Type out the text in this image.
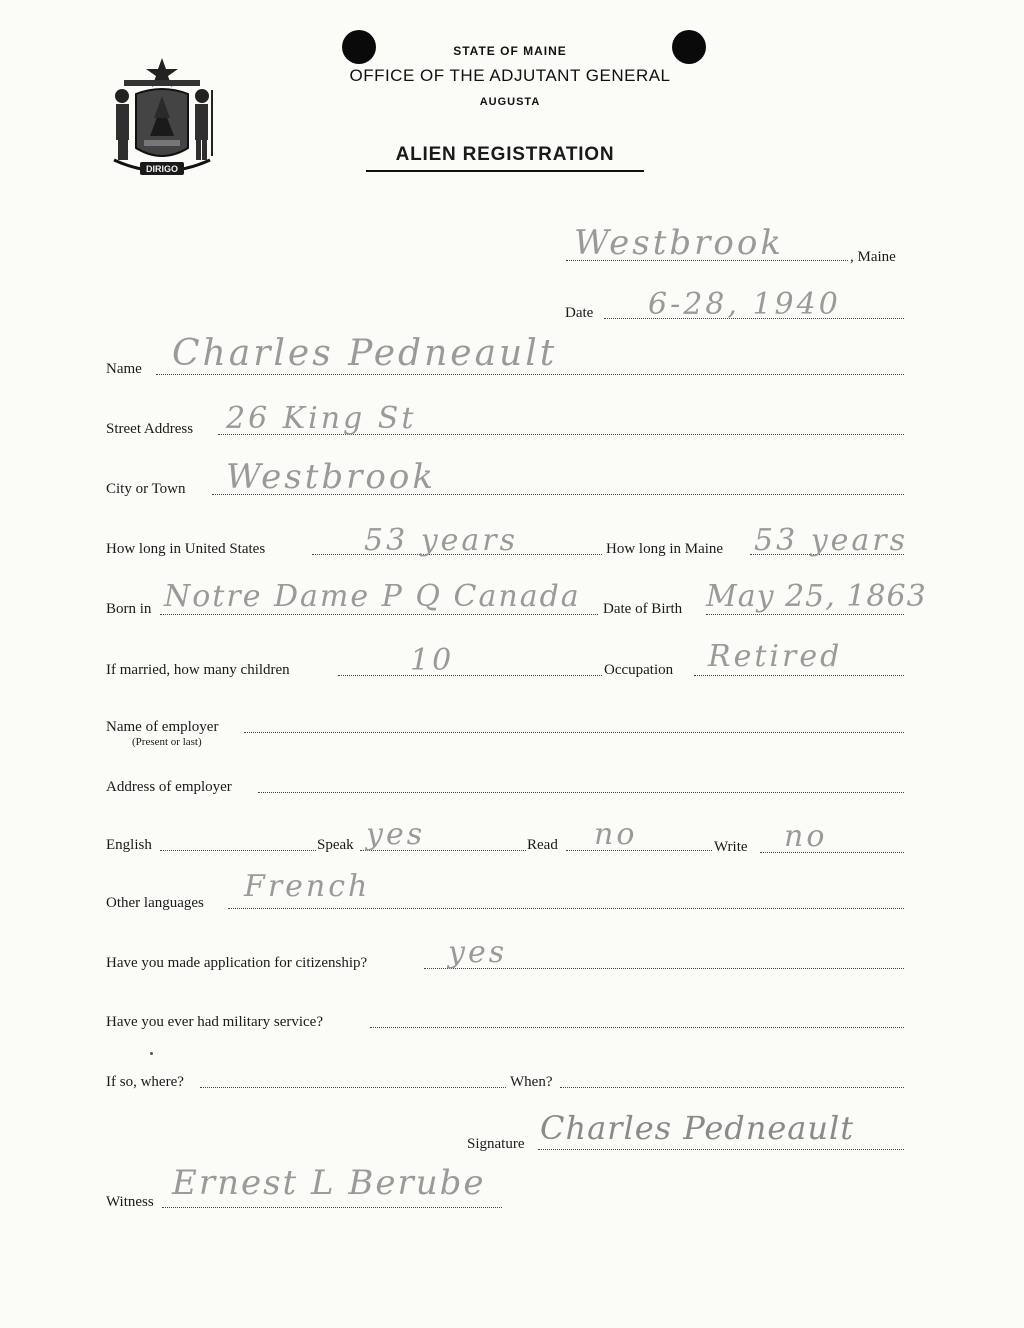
DIRIGO
STATE OF MAINE
OFFICE OF THE ADJUTANT GENERAL
AUGUSTA
ALIEN REGISTRATION
Westbrook	, Maine
Date 6-28, 1940
Name Charles Pedneault
Street Address 26 King St
City or Town Westbrook
How long in United States	53 years	How long in Maine 53 years
Born in Notre Dame P Q Canada Date of Birth May 25, 1863
If married, how many children	10	Occupation Retired
Name of employer
(Present or last)
Address of employer
English	Speak yes	Read no	Write no
Other languages French
Have you made application for citizenship?	yes
Have you ever had military service?
If so, where?	When?
Signature Charles Pedneault
Witness Ernest L Berube
